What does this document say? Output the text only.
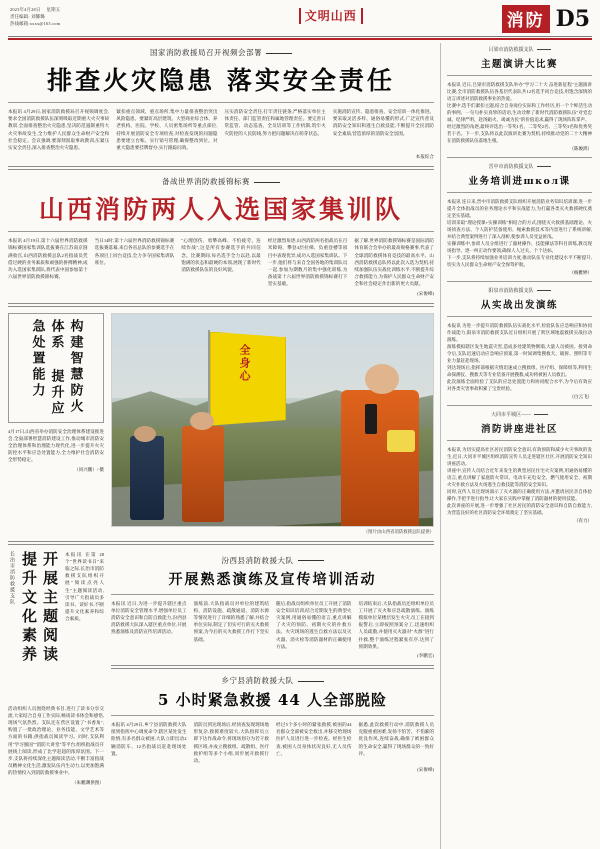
2023年4月28日 星期五
责任编辑: 刘馨璐
热线邮箱:xxxx@163.com
文明山西	消防 D5
国家消防救援局召开视频会部署
排查火灾隐患 落实安全责任
本报讯 4月29日,国家消防救援局召开视频调度会,要求全国消防救援队伍深刻吸取近期重大火灾事故教训,全面排查整治火灾隐患,坚决防范遏制重特大火灾事故发生,全力维护人民群众生命财产安全和社会稳定。会议强调,要深刻汲取事故教训,压紧压实安全责任,深入排查整治火灾隐患。
紧扣重点领域、重点场所,集中力量排查整治突出风险隐患。要紧盯高层建筑、大型商业综合体、养老机构、医院、学校、人员密集场所等重点部位,持续开展消防安全专项检查,对检查发现的问题隐患要建立台账、实行销号管理,确保整改到位。对重大隐患要挂牌督办,实行跟踪问效。
压实消防安全责任,打牢责任链条,严格落实单位主体责任、部门监管责任和属地管理责任。要完善日常监管、动态巡查、全员培训等工作机制,筑牢火灾防控的人民防线,努力把问题解决在萌芽状态。
实施消防宣传、隐患排查、安全培训一体化推进。要采取灵活多样、通俗易懂的形式,广泛宣传普及消防安全知识和逃生自救技能,不断提升全民消防安全素质,营造浓厚的消防安全氛围。
本报综合
备战世界消防救援锦标赛
山西消防两人入选国家集训队
本报讯 4月19日,第十六届世界消防救援锦标赛国家集训队选拔赛在江苏南京圆满收官,山西消防救援总队2名指战员凭借过硬的业务素质和顽强的拼搏精神,成功入选国家集训队,将代表中国参加第十六届世界消防救援锦标赛。
当日14时,第十六届世界消防救援锦标赛选拔赛落幕,来自各省总队的参赛选手在各项目上同台竞技,全力争夺国家集训队席位。
"心理创伤、勇攀高峰、不怕疲劳、连续作战",这是所有参赛选手的共同信念。比赛期间,每名选手全力以赴,以最饱满的状态和最硬的本领,展现了新时代消防救援队伍的良好风貌。
经过激烈角逐,山西消防两名指战员在百米障碍、攀登4层拉梯、负重登楼等项目中表现优异,成功入选国家集训队。下一步,他们将与来自全国各地的集训队员一起,参加为期数月的集中强化训练,为备战第十六届世界消防救援锦标赛打下坚实基础。
据了解,世界消防救援锦标赛是国际消防体育联合会举办的最高规格赛事,代表了全球消防救援体育竞技的最高水平。山西消防救援总队将以此次入选为契机,持续加强队伍实战化训练水平,不断提升综合救援能力,为保护人民群众生命财产安全和社会稳定作出新的更大贡献。
(宋俊峰)
构建智慧防火体系 提升应急处置能力
4月17日,山西省举办消防安全治理体系建设推进会,全面部署智慧消防建设工作,推动城市消防安全治理体系和治理能力现代化,进一步提升火灾防控水平和应急处置能力,全力维护社会消防安全形势稳定。
（同兴鹏）/ 摄
全身心
（图片由山西省消防救援总队提供）
长治市消防救援支队	开展主题阅读 提升文化素养	本报讯 在第 28 个"世界读书日"来临之际,长治市消防救援支队组织开展"阅读点亮人生"主题阅读活动,引导广大指战员多读书、读好书,不断提升文化素养和综合素质。
活动组织人员围绕经典书目,进行了读书分享交流,大家结合自身工作实际,畅谈读书体会和感悟,现场气氛热烈。支队还在营区设置了"书香角",购置了一批政治理论、业务技能、文学艺术等方面的书籍,供指战员阅读学习。同时,支队利用"学习强国""消防大讲堂"等平台,组织指战员开展线上阅读,形成了比学赶超的浓厚氛围。下一步,支队将持续深化主题阅读活动,不断丰富指战员精神文化生活,激发队伍内生动力,以更加饱满的热情投入到消防救援事业中。
（朱鹏渊供图）
汾西县消防救援大队
开展熟悉演练及宣传培训活动
本报讯 近日,为进一步提升辖区重点单位消防安全管理水平,增强单位员工消防安全意识和自防自救能力,汾西县消防救援大队深入辖区重点单位,开展熟悉演练及消防宣传培训活动。
演练前,大队指战员对单位的建筑结构、消防设施、疏散通道、消防水源等情况进行了详细的熟悉了解,并结合单位实际,制定了切实可行的灭火救援预案,为今后的灭火救援工作打下坚实基础。
随后,指战员组织单位员工开展了消防安全知识培训,结合近期发生的典型火灾案例,用通俗易懂的语言,重点讲解了火灾的预防、初期火灾的扑救方法、火灾现场的逃生自救方法以及灭火器、消火栓等消防器材的正确使用方法。
培训结束后,大队指战员还组织单位员工开展了灭火和应急疏散演练。演练模拟单位某楼层发生火灾,员工在接到报警后,立即按照预案分工,迅速组织人员疏散,并使用灭火器对"火源"进行扑救,整个演练过程紧张有序,达到了预期效果。
(李鹏宏)
乡宁县消防救援大队
5 小时紧急救援 44 人全部脱险
本报讯 4月29日,乡宁县消防救援大队接到指挥中心调度命令,辖区某处发生险情,有多名群众被困,大队立即出动2辆消防车、12名指战员赶赴现场处置。
消防员到达现场后,经侦查发现现场地形复杂,救援难度较大,大队指挥员立即下达作战命令,将现场划分为若干救援区域,并成立搜救组、疏散组、医疗救护组等多个小组,同步展开救援行动。
经过5个多小时的紧张救援,被困的44名群众全部被安全救出,并移交给现场医护人员进行进一步检查。经医生检查,被困人员身体状况良好,无人员伤亡。
据悉,此次救援行动中,消防救援人员克服重重困难,发扬不怕苦、不怕累的优良作风,连续奋战,确保了被困群众的生命安全,赢得了现场群众的一致好评。
(宋俊峰)
吕梁市消防救援支队
主题演讲大比赛
本报讯 近日,吕梁市消防救援支队举办"学习二十大 奋进新征程"主题演讲比赛,全市消防救援队伍各基层代表队共12名选手同台竞技,用饱含深情的语言讲述对消防救援事业的热爱。
比赛中,选手们紧扣主题,结合自身岗位实际和工作经历,用一个个鲜活生动的事例、一句句朴实真挚的话语,生动诠释了新时代消防救援队伍"对党忠诚、纪律严明、赴汤蹈火、竭诚为民"的价值追求,赢得了现场阵阵掌声。
经过激烈的角逐,最终评选出一等奖1名、二等奖2名、三等奖3名和优秀奖若干名。下一步,支队将以此次演讲比赛为契机,持续推动党的二十大精神在消防救援队伍落地生根。
（陈俊鸿）
晋中市消防救援支队
业务培训进школ课
本报讯 连日来,晋中市消防救援支队组织开展消防业务知识培训课,进一步提升全体指战员的业务理论水平和实战能力,为打赢各类灭火救援硬仗奠定坚实基础。
培训采取"理论授课+实操训练"相结合的方式,围绕灭火救援基础理论、火场侦查方法、个人防护装备使用、绳索救援技术等内容进行了系统讲解,并结合典型案例进行了深入剖析,使参训人员受益匪浅。
实操训练中,参训人员分组进行了器材操作、技能操法等科目训练,教员现场指导、逐一纠正动作要领,确保人人过关、个个达标。
下一步,支队将持续加强业务培训力度,推动队伍专业化建设水平不断提升,切实为人民群众生命财产安全保驾护航。
（杨雅婷）
阳泉市消防救援支队
从实战出发演练
本报讯 为进一步提升消防救援队伍实战化水平,检验队伍应急响应和协同作战能力,阳泉市消防救援支队近日组织开展了跨区域地震救援实战拉动演练。
演练模拟辖区发生地震灾害,造成多处建筑物倒塌,大量人员被困。接到命令后,支队迅速启动应急响应预案,第一时间调集搜救犬、破拆、照明等专业力量赶赴现场。
到达现场后,指挥部根据灾情迅速成立搜救组、医疗组、保障组等,利用生命探测仪、搜救犬等专业装备开展搜救,成功将被困人员救出。
此次演练全面检验了支队的应急处置能力和协同配合水平,为今后有效应对各类灾害事故积累了宝贵经验。
（白云飞）
大同市平城区——
消防讲座进社区
本报讯 为切实提高社区居民消防安全意识,有效预防和减少火灾事故的发生,近日,大同市平城区组织消防宣传人员走进辖区社区,开展消防安全知识讲座活动。
讲座中,宣传人员结合近年来发生的典型居民住宅火灾案例,用通俗易懂的语言,重点讲解了家庭防火常识、电动车充电安全、燃气使用安全、初期火灾扑救方法及火场逃生自救技能等消防安全知识。
同时,宣传人员还现场演示了灭火器的正确使用方法,并邀请居民亲自体验操作,手把手进行指导,让大家在实践中掌握了消防器材的使用技能。
此次讲座的开展,进一步增强了社区居民的消防安全意识和自防自救能力,为营造良好的社区消防安全环境奠定了坚实基础。
（有力）
